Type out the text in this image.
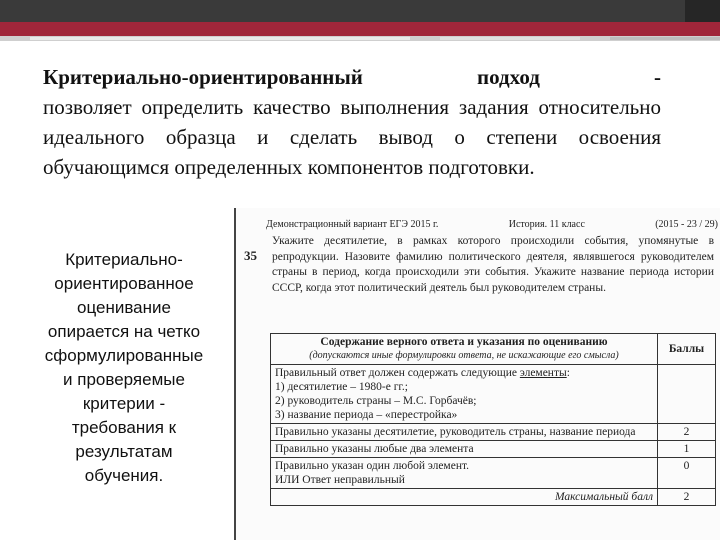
Критериально-ориентированный	подход	-
позволяет определить качество выполнения задания относительно идеального образца и сделать вывод о степени освоения обучающимся определенных компонентов подготовки.
Критериально-
ориентированное
оценивание
опирается на четко
сформулированные
и проверяемые
критерии -
требования к
результатам
обучения.
Демонстрационный вариант ЕГЭ 2015 г.	История. 11 класс	(2015 - 23 / 29)
35
Укажите десятилетие, в рамках которого происходили события, упомянутые в репродукции. Назовите фамилию политического деятеля, являвшегося руководителем страны в период, когда происходили эти события. Укажите название периода истории СССР, когда этот политический деятель был руководителем страны.
Содержание верного ответа и указания по оцениванию
(допускаются иные формулировки ответа, не искажающие его смысла)	Баллы

Правильный ответ должен содержать следующие элементы:
1) десятилетие – 1980-е гг.;
2) руководитель страны – М.С. Горбачёв;
3) название периода – «перестройка»	

Правильно указаны десятилетие, руководитель страны, название периода	2
Правильно указаны любые два элемента	1

Правильно указан один любой элемент.
ИЛИ Ответ неправильный	0
Максимальный балл	2
